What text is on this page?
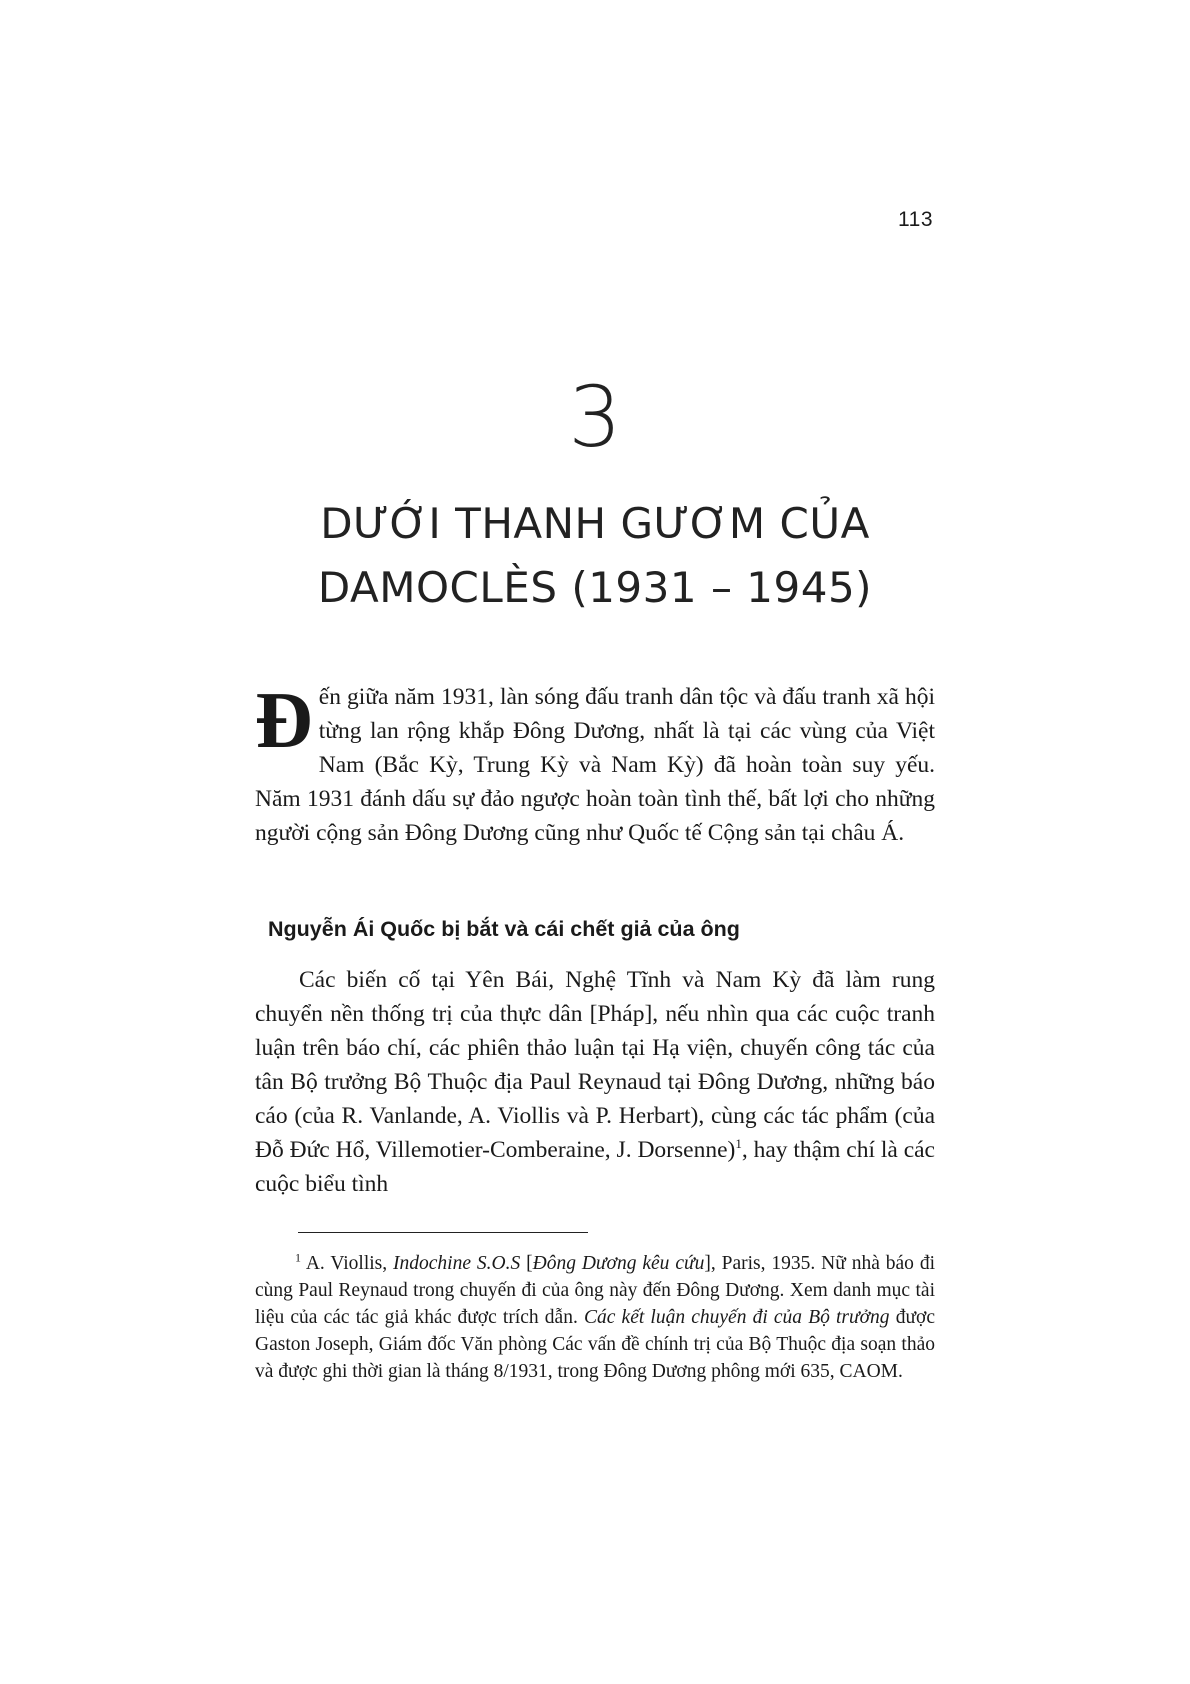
113
3
DƯỚI THANH GƯƠM CỦA
DAMOCLÈS (1931 – 1945)

Đến giữa năm 1931, làn sóng đấu tranh dân tộc và đấu tranh xã hội từng lan rộng khắp Đông Dương, nhất là tại các vùng của Việt Nam (Bắc Kỳ, Trung Kỳ và Nam Kỳ) đã hoàn toàn suy yếu. Năm 1931 đánh dấu sự đảo ngược hoàn toàn tình thế, bất lợi cho những người cộng sản Đông Dương cũng như Quốc tế Cộng sản tại châu Á.

Nguyễn Ái Quốc bị bắt và cái chết giả của ông

Các biến cố tại Yên Bái, Nghệ Tĩnh và Nam Kỳ đã làm rung chuyển nền thống trị của thực dân [Pháp], nếu nhìn qua các cuộc tranh luận trên báo chí, các phiên thảo luận tại Hạ viện, chuyến công tác của tân Bộ trưởng Bộ Thuộc địa Paul Reynaud tại Đông Dương, những báo cáo (của R. Vanlande, A. Viollis và P. Herbart), cùng các tác phẩm (của Đỗ Đức Hổ, Villemotier-Comberaine, J. Dorsenne)$^1$, hay thậm chí là các cuộc biểu tình

$^1$ A. Viollis, Indochine S.O.S [Đông Dương kêu cứu], Paris, 1935. Nữ nhà báo đi cùng Paul Reynaud trong chuyến đi của ông này đến Đông Dương. Xem danh mục tài liệu của các tác giả khác được trích dẫn. Các kết luận chuyến đi của Bộ trưởng được Gaston Joseph, Giám đốc Văn phòng Các vấn đề chính trị của Bộ Thuộc địa soạn thảo và được ghi thời gian là tháng 8/1931, trong Đông Dương phông mới 635, CAOM.
